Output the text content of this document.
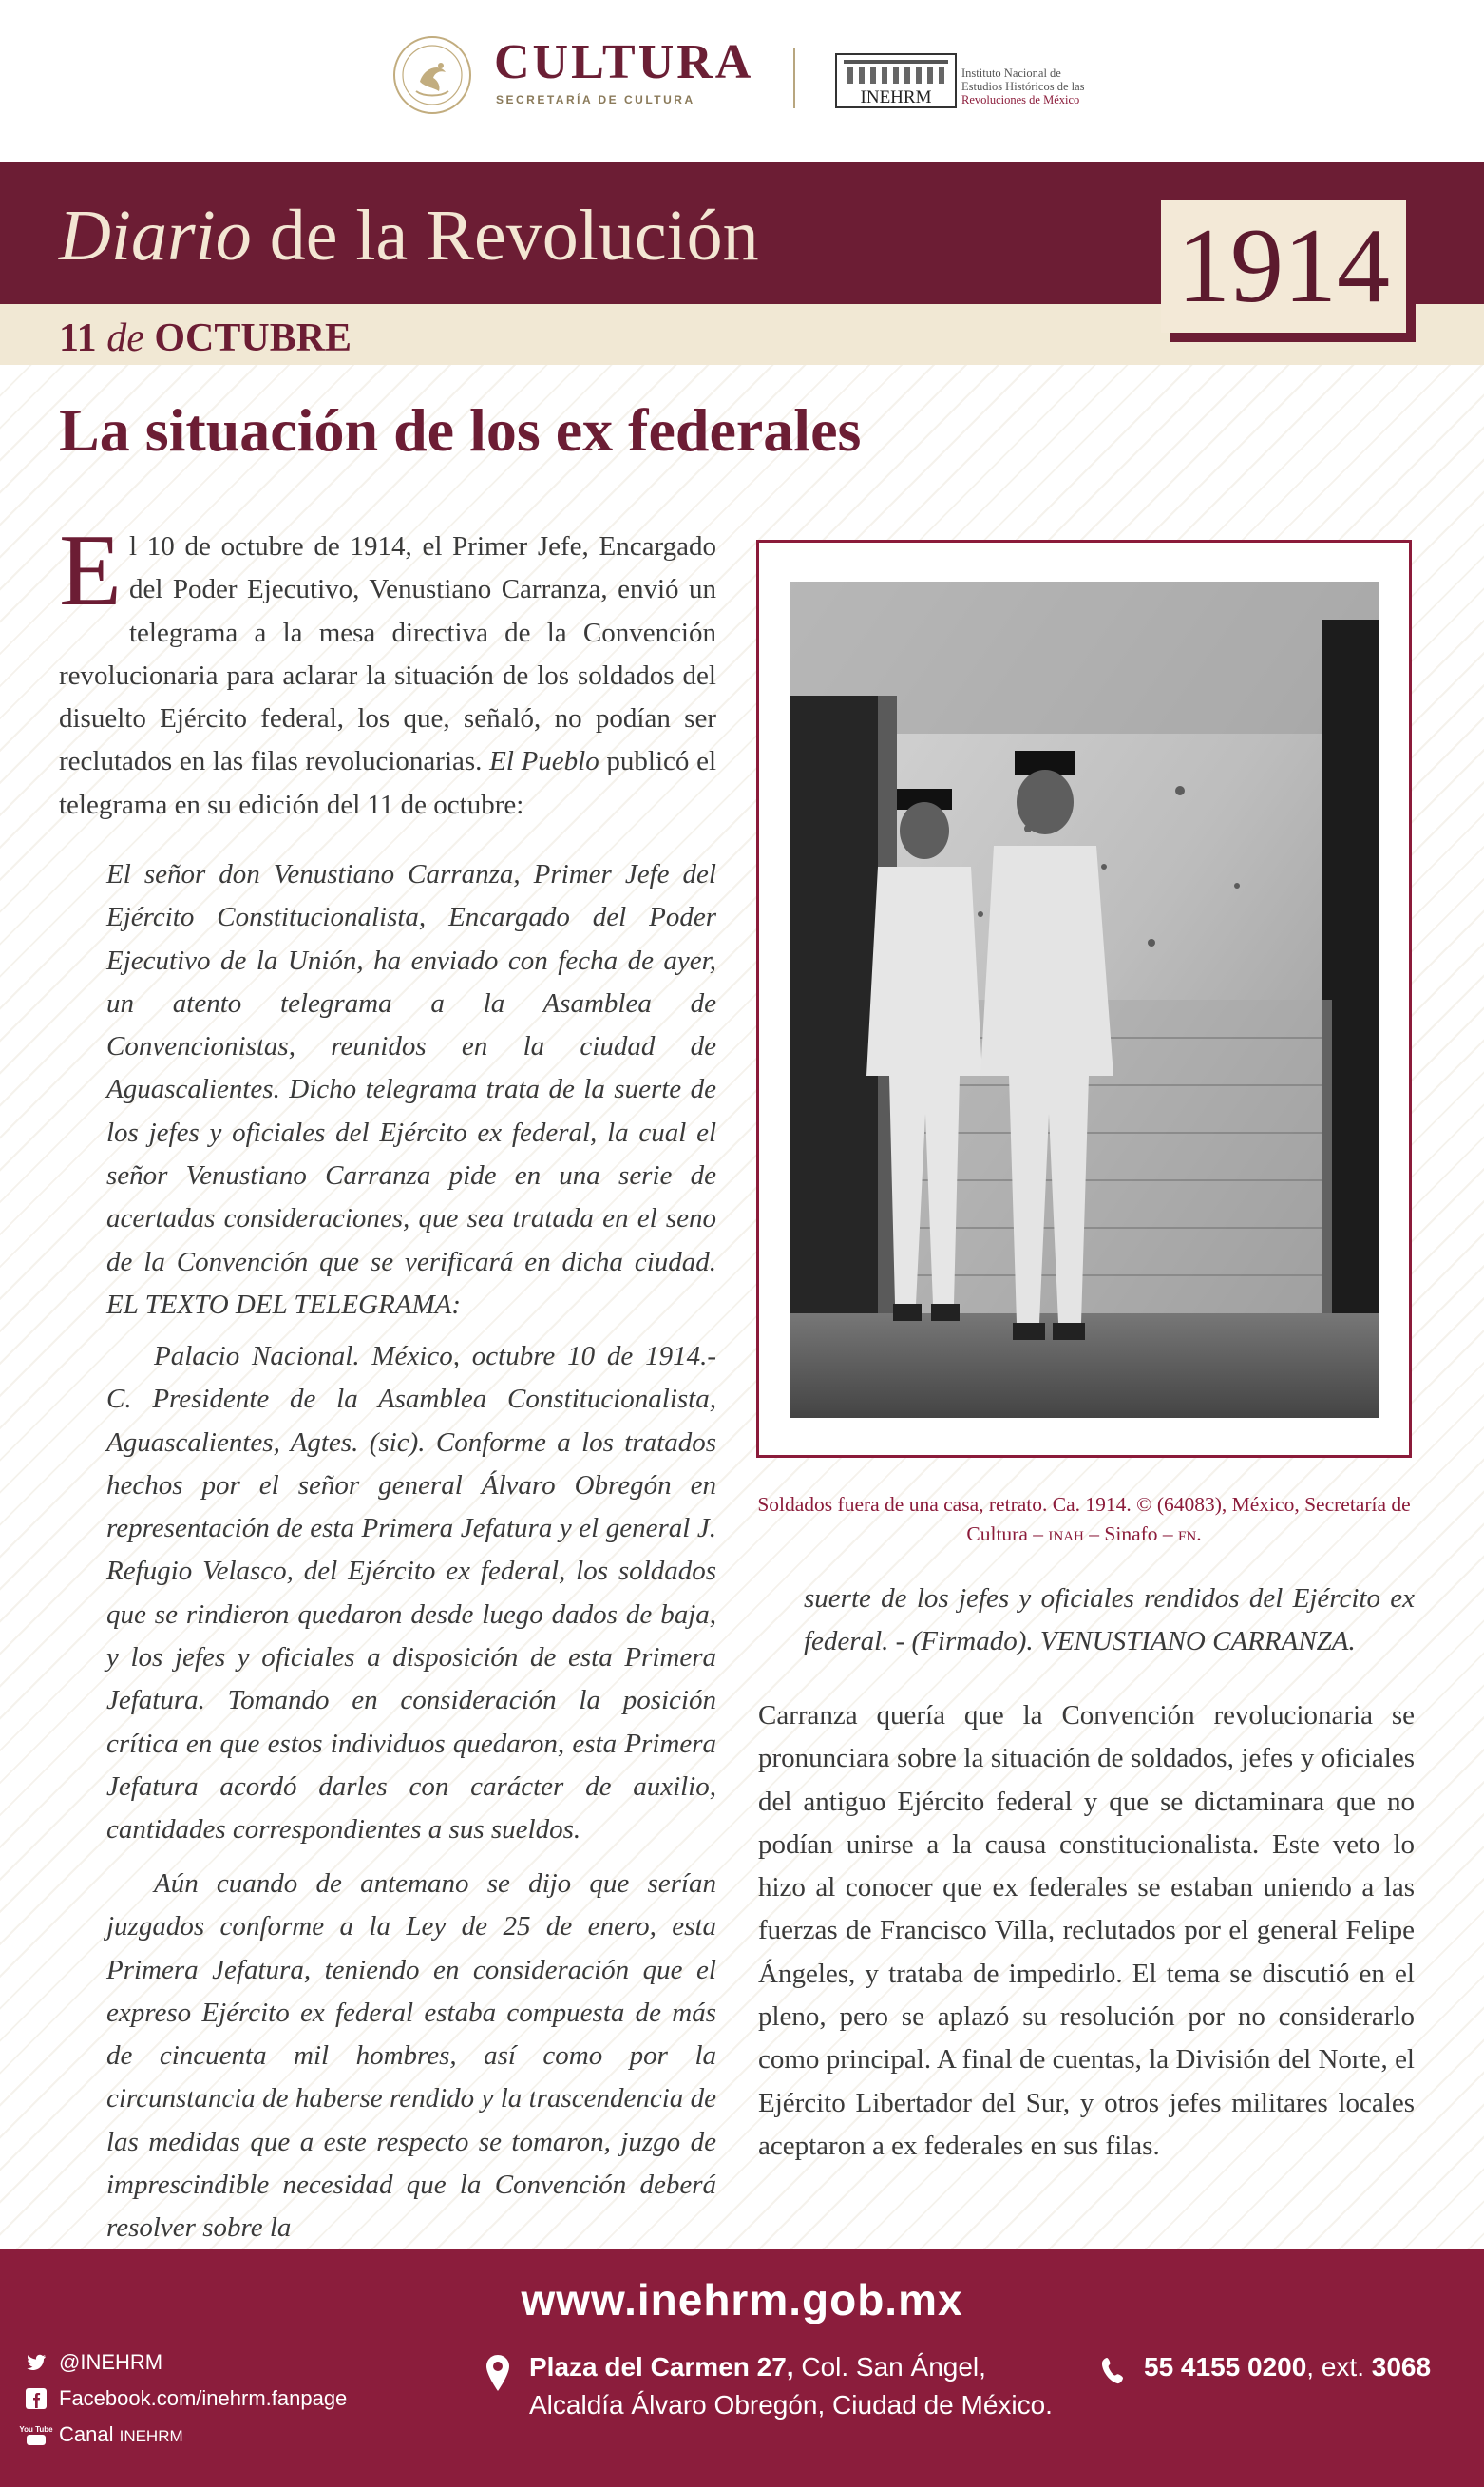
CULTURA
SECRETARÍA DE CULTURA	INEHRM
Instituto Nacional de
Estudios Históricos de las
Revoluciones de México
Diario de la Revolución
11 de OCTUBRE
1914
La situación de los ex federales
El 10 de octubre de 1914, el Primer Jefe, Encargado del Poder Ejecutivo, Venustiano Carranza, envió un telegrama a la mesa directiva de la Convención revolucionaria para aclarar la situación de los soldados del disuelto Ejército federal, los que, señaló, no podían ser reclutados en las filas revolucionarias. El Pueblo publicó el telegrama en su edición del 11 de octubre:
El señor don Venustiano Carranza, Primer Jefe del Ejército Constitucionalista, Encargado del Poder Ejecutivo de la Unión, ha enviado con fecha de ayer, un atento telegrama a la Asamblea de Convencionistas, reunidos en la ciudad de Aguascalientes. Dicho telegrama trata de la suerte de los jefes y oficiales del Ejército ex federal, la cual el señor Venustiano Carranza pide en una serie de acertadas consideraciones, que sea tratada en el seno de la Convención que se verificará en dicha ciudad. EL TEXTO DEL TELEGRAMA:
Palacio Nacional. México, octubre 10 de 1914.- C. Presidente de la Asamblea Constitucionalista, Aguascalientes, Agtes. (sic). Conforme a los tratados hechos por el señor general Álvaro Obregón en representación de esta Primera Jefatura y el general J. Refugio Velasco, del Ejército ex federal, los soldados que se rindieron quedaron desde luego dados de baja, y los jefes y oficiales a disposición de esta Primera Jefatura. Tomando en consideración la posición crítica en que estos individuos quedaron, esta Primera Jefatura acordó darles con carácter de auxilio, cantidades correspondientes a sus sueldos.
Aún cuando de antemano se dijo que serían juzgados conforme a la Ley de 25 de enero, esta Primera Jefatura, teniendo en consideración que el expreso Ejército ex federal estaba compuesta de más de cincuenta mil hombres, así como por la circunstancia de haberse rendido y la trascendencia de las medidas que a este respecto se tomaron, juzgo de imprescindible necesidad que la Convención deberá resolver sobre la
Soldados fuera de una casa, retrato. Ca. 1914. © (64083), México, Secretaría de Cultura – inah – Sinafo – fn.
suerte de los jefes y oficiales rendidos del Ejército ex federal. - (Firmado). VENUSTIANO CARRANZA.
Carranza quería que la Convención revolucionaria se pronunciara sobre la situación de soldados, jefes y oficiales del antiguo Ejército federal y que se dictaminara que no podían unirse a la causa constitucionalista. Este veto lo hizo al conocer que ex federales se estaban uniendo a las fuerzas de Francisco Villa, reclutados por el general Felipe Ángeles, y trataba de impedirlo. El tema se discutió en el pleno, pero se aplazó su resolución por no considerarlo como principal. A final de cuentas, la División del Norte, el Ejército Libertador del Sur, y otros jefes militares locales aceptaron a ex federales en sus filas.
www.inehrm.gob.mx
@INEHRM
Facebook.com/inehrm.fanpage
You Tube Canal INEHRM
Plaza del Carmen 27, Col. San Ángel,
Alcaldía Álvaro Obregón, Ciudad de México.
55 4155 0200, ext. 3068
